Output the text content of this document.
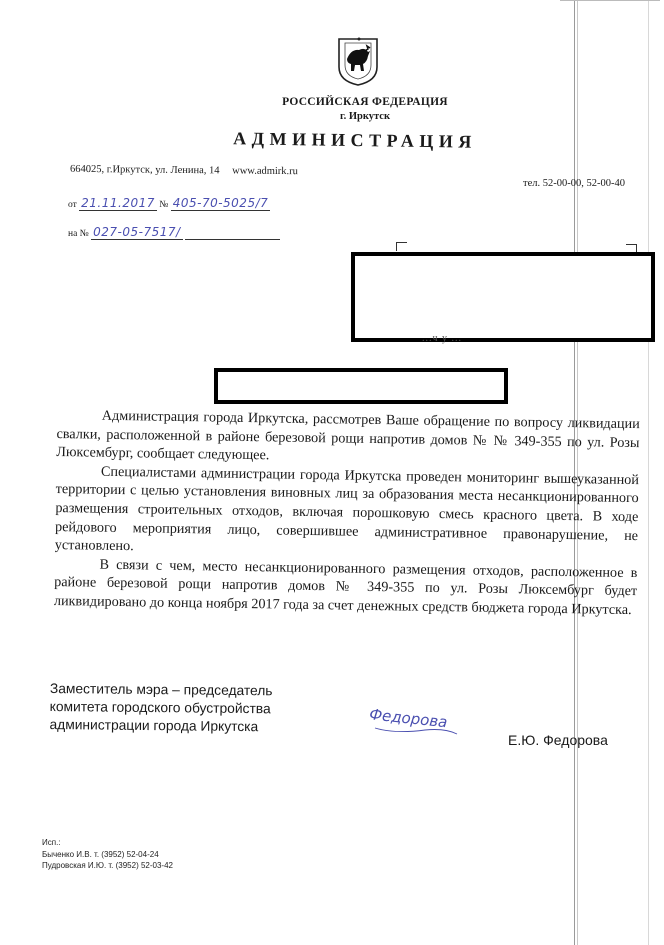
РОССИЙСКАЯ ФЕДЕРАЦИЯ
г. Иркутск
АДМИНИСТРАЦИЯ
664025, г.Иркутск, ул. Ленина, 14 www.admirk.ru
тел. 52-00-00, 52-00-40
от 21.11.2017 № 405-70-5025/7
на № 027-05-7517/
...ч у ...

Администрация города Иркутска, рассмотрев Ваше обращение по вопросу ликвидации свалки, расположенной в районе березовой рощи напротив домов № № 349-355 по ул. Розы Люксембург, сообщает следующее.

Специалистами администрации города Иркутска проведен мониторинг вышеуказанной территории с целью установления виновных лиц за образования места несанкционированного размещения строительных отходов, включая порошковую смесь красного цвета. В ходе рейдового мероприятия лицо, совершившее административное правонарушение, не установлено.

В связи с чем, место несанкционированного размещения отходов, расположенное в районе березовой рощи напротив домов № 349-355 по ул. Розы Люксембург будет ликвидировано до конца ноября 2017 года за счет денежных средств бюджета города Иркутска.

Заместитель мэра – председатель
комитета городского обустройства
администрации города Иркутска	Федорова
Е.Ю. Федорова
Исп.:
Быченко И.В. т. (3952) 52-04-24
Пудровская И.Ю. т. (3952) 52-03-42
